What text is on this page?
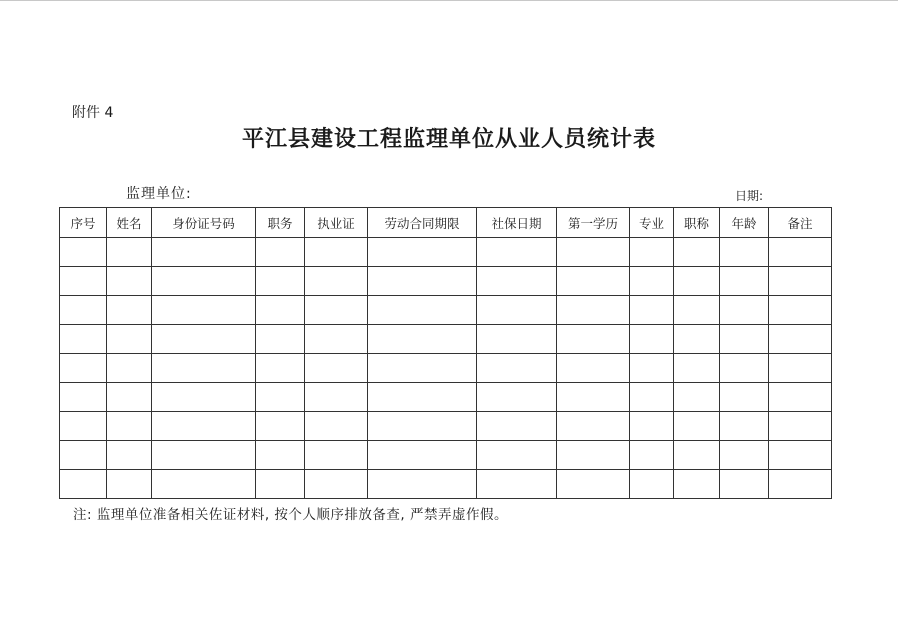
附件 4
平江县建设工程监理单位从业人员统计表
监理单位:	日期:
序号	姓名	身份证号码	职务	执业证	劳动合同期限	社保日期	第一学历	专业	职称	年龄	备注

注: 监理单位准备相关佐证材料, 按个人顺序排放备查, 严禁弄虚作假。
